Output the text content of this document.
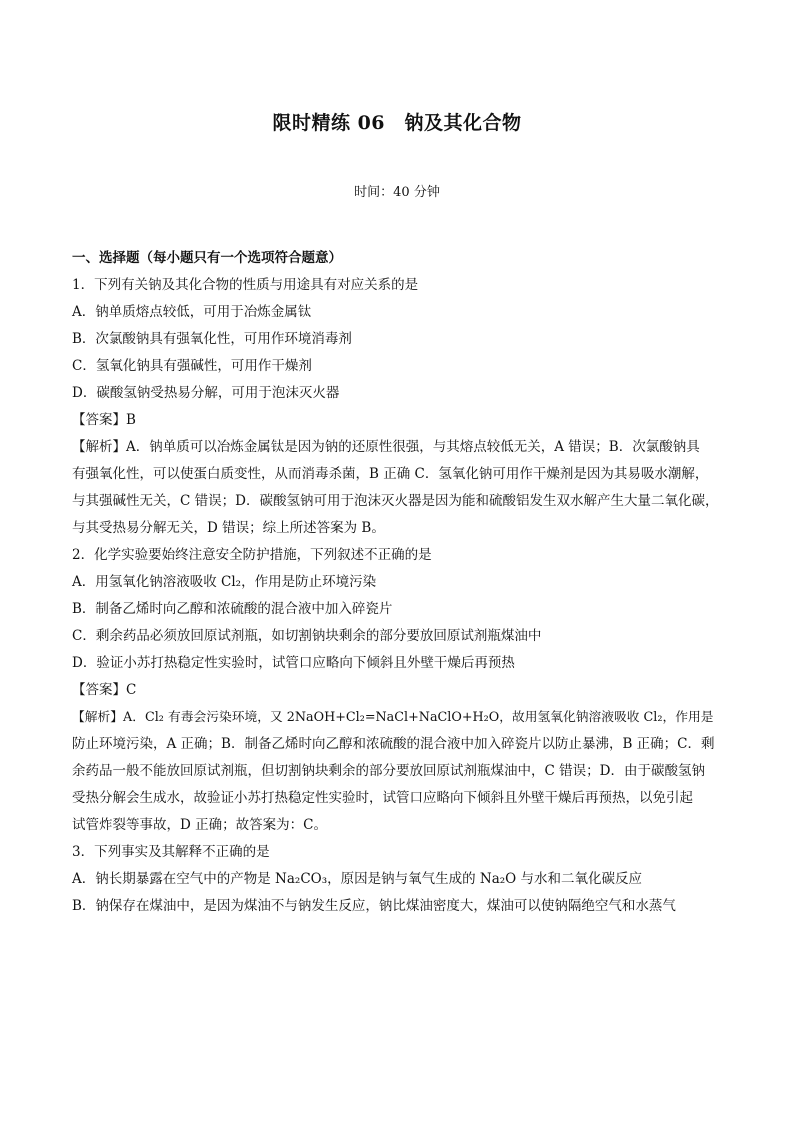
限时精练 06　钠及其化合物
时间：40 分钟
一、选择题（每小题只有一个选项符合题意）
1．下列有关钠及其化合物的性质与用途具有对应关系的是
A．钠单质熔点较低，可用于冶炼金属钛
B．次氯酸钠具有强氧化性，可用作环境消毒剂
C．氢氧化钠具有强碱性，可用作干燥剂
D．碳酸氢钠受热易分解，可用于泡沫灭火器
【答案】B
【解析】A．钠单质可以冶炼金属钛是因为钠的还原性很强，与其熔点较低无关，A 错误；B．次氯酸钠具
有强氧化性，可以使蛋白质变性，从而消毒杀菌，B 正确 C．氢氧化钠可用作干燥剂是因为其易吸水潮解，
与其强碱性无关，C 错误；D．碳酸氢钠可用于泡沫灭火器是因为能和硫酸铝发生双水解产生大量二氧化碳，
与其受热易分解无关，D 错误；综上所述答案为 B。
2．化学实验要始终注意安全防护措施，下列叙述不正确的是
A．用氢氧化钠溶液吸收 Cl₂，作用是防止环境污染
B．制备乙烯时向乙醇和浓硫酸的混合液中加入碎瓷片
C．剩余药品必须放回原试剂瓶，如切割钠块剩余的部分要放回原试剂瓶煤油中
D．验证小苏打热稳定性实验时，试管口应略向下倾斜且外壁干燥后再预热
【答案】C
【解析】A．Cl₂ 有毒会污染环境，又 2NaOH+Cl₂=NaCl+NaClO+H₂O，故用氢氧化钠溶液吸收 Cl₂，作用是
防止环境污染，A 正确；B．制备乙烯时向乙醇和浓硫酸的混合液中加入碎瓷片以防止暴沸，B 正确；C．剩
余药品一般不能放回原试剂瓶，但切割钠块剩余的部分要放回原试剂瓶煤油中，C 错误；D．由于碳酸氢钠
受热分解会生成水，故验证小苏打热稳定性实验时，试管口应略向下倾斜且外壁干燥后再预热，以免引起
试管炸裂等事故，D 正确；故答案为：C。
3．下列事实及其解释不正确的是
A．钠长期暴露在空气中的产物是 Na₂CO₃，原因是钠与氧气生成的 Na₂O 与水和二氧化碳反应
B．钠保存在煤油中，是因为煤油不与钠发生反应，钠比煤油密度大，煤油可以使钠隔绝空气和水蒸气
